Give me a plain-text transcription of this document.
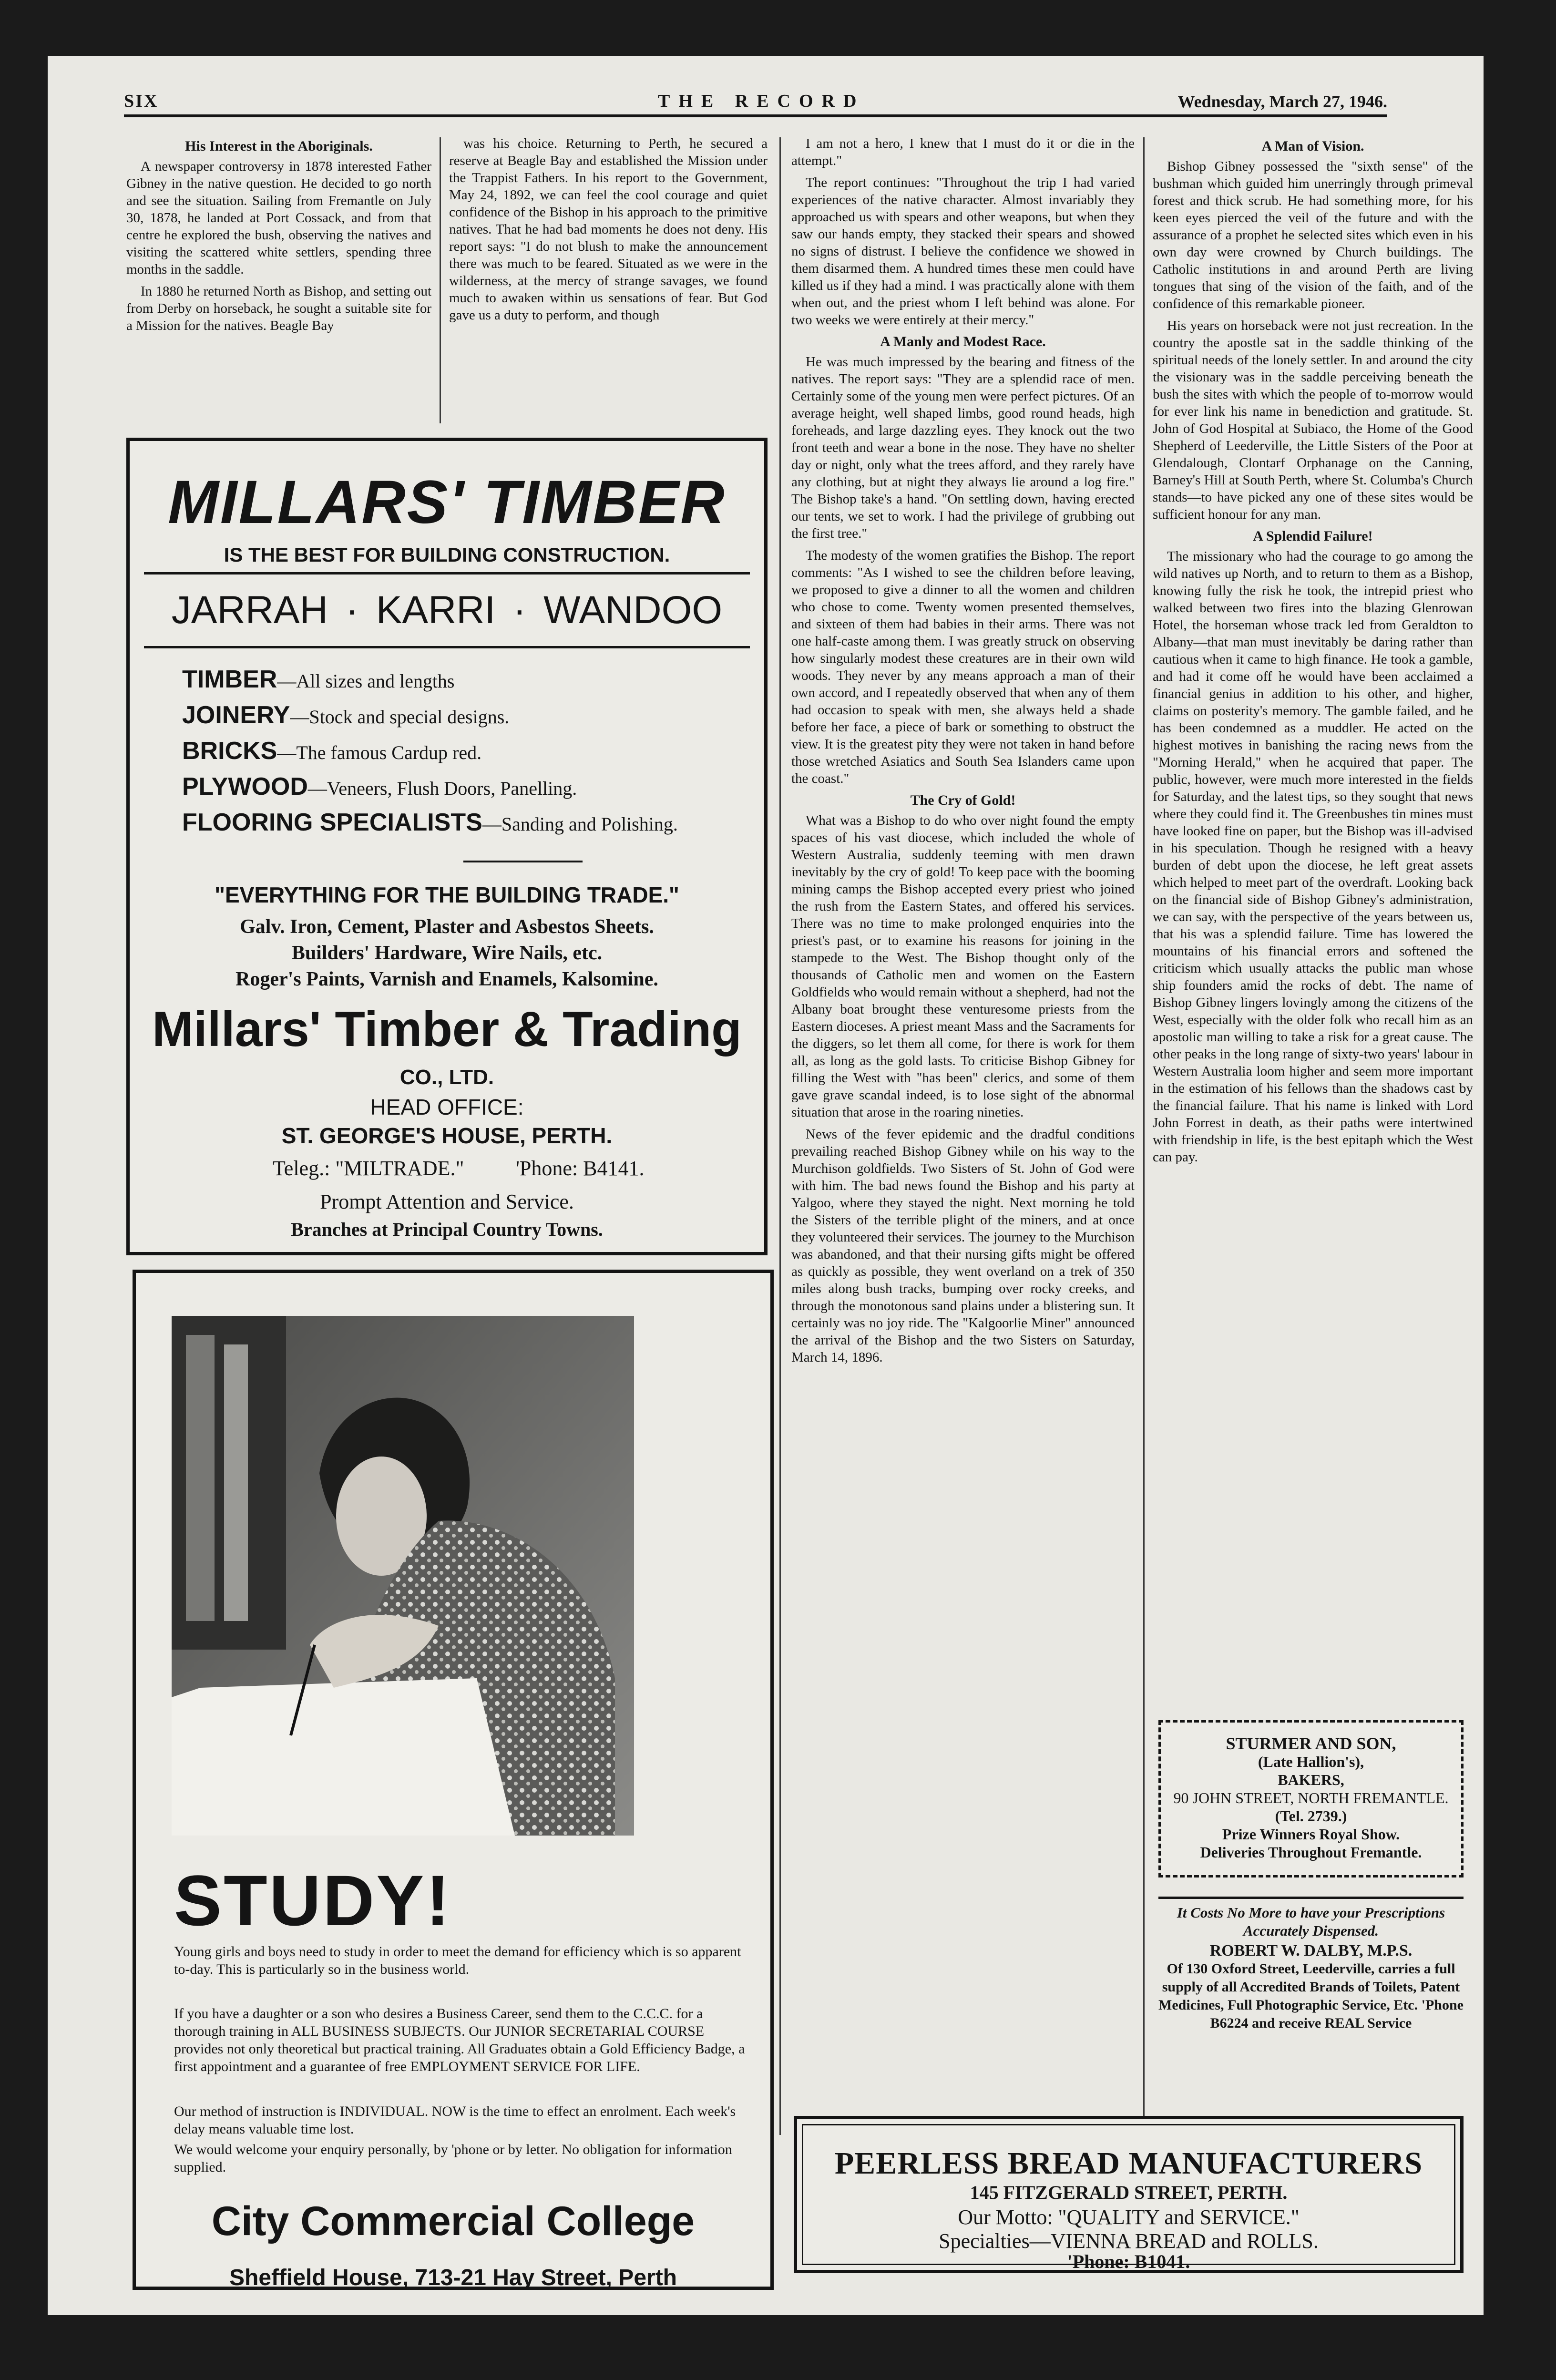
SIX	THE RECORD	Wednesday, March 27, 1946.
His Interest in the Aboriginals.

A newspaper controversy in 1878 interested Father Gibney in the native question. He decided to go north and see the situation. Sailing from Fremantle on July 30, 1878, he landed at Port Cossack, and from that centre he explored the bush, observing the natives and visiting the scattered white settlers, spending three months in the saddle.

In 1880 he returned North as Bishop, and setting out from Derby on horseback, he sought a suitable site for a Mission for the natives. Beagle Bay

was his choice. Returning to Perth, he secured a reserve at Beagle Bay and established the Mission under the Trappist Fathers. In his report to the Government, May 24, 1892, we can feel the cool courage and quiet confidence of the Bishop in his approach to the primitive natives. That he had bad moments he does not deny. His report says: "I do not blush to make the announcement there was much to be feared. Situated as we were in the wilderness, at the mercy of strange savages, we found much to awaken within us sensations of fear. But God gave us a duty to perform, and though

MILLARS' TIMBER
IS THE BEST FOR BUILDING CONSTRUCTION.
JARRAH · KARRI · WANDOO
TIMBER—All sizes and lengths
JOINERY—Stock and special designs.
BRICKS—The famous Cardup red.
PLYWOOD—Veneers, Flush Doors, Panelling.
FLOORING SPECIALISTS—Sanding and Polishing.
"EVERYTHING FOR THE BUILDING TRADE."
Galv. Iron, Cement, Plaster and Asbestos Sheets.
Builders' Hardware, Wire Nails, etc.
Roger's Paints, Varnish and Enamels, Kalsomine.
Millars' Timber & Trading
CO., LTD.
HEAD OFFICE:
ST. GEORGE'S HOUSE, PERTH.
Teleg.: "MILTRADE." 'Phone: B4141.
Prompt Attention and Service.
Branches at Principal Country Towns.
STUDY!
Young girls and boys need to study in order to meet the demand for efficiency which is so apparent to-day. This is particularly so in the business world.
If you have a daughter or a son who desires a Business Career, send them to the C.C.C. for a thorough training in ALL BUSINESS SUBJECTS. Our JUNIOR SECRETARIAL COURSE provides not only theoretical but practical training. All Graduates obtain a Gold Efficiency Badge, a first appointment and a guarantee of free EMPLOYMENT SERVICE FOR LIFE.
Our method of instruction is INDIVIDUAL. NOW is the time to effect an enrolment. Each week's delay means valuable time lost.
We would welcome your enquiry personally, by 'phone or by letter. No obligation for information supplied.
City Commercial College
Sheffield House, 713-21 Hay Street, Perth

I am not a hero, I knew that I must do it or die in the attempt."

The report continues: "Throughout the trip I had varied experiences of the native character. Almost invariably they approached us with spears and other weapons, but when they saw our hands empty, they stacked their spears and showed no signs of distrust. I believe the confidence we showed in them disarmed them. A hundred times these men could have killed us if they had a mind. I was practically alone with them when out, and the priest whom I left behind was alone. For two weeks we were entirely at their mercy."

A Manly and Modest Race.

He was much impressed by the bearing and fitness of the natives. The report says: "They are a splendid race of men. Certainly some of the young men were perfect pictures. Of an average height, well shaped limbs, good round heads, high foreheads, and large dazzling eyes. They knock out the two front teeth and wear a bone in the nose. They have no shelter day or night, only what the trees afford, and they rarely have any clothing, but at night they always lie around a log fire." The Bishop take's a hand. "On settling down, having erected our tents, we set to work. I had the privilege of grubbing out the first tree."

The modesty of the women gratifies the Bishop. The report comments: "As I wished to see the children before leaving, we proposed to give a dinner to all the women and children who chose to come. Twenty women presented themselves, and sixteen of them had babies in their arms. There was not one half-caste among them. I was greatly struck on observing how singularly modest these creatures are in their own wild woods. They never by any means approach a man of their own accord, and I repeatedly observed that when any of them had occasion to speak with men, she always held a shade before her face, a piece of bark or something to obstruct the view. It is the greatest pity they were not taken in hand before those wretched Asiatics and South Sea Islanders came upon the coast."

The Cry of Gold!

What was a Bishop to do who over night found the empty spaces of his vast diocese, which included the whole of Western Australia, suddenly teeming with men drawn inevitably by the cry of gold! To keep pace with the booming mining camps the Bishop accepted every priest who joined the rush from the Eastern States, and offered his services. There was no time to make prolonged enquiries into the priest's past, or to examine his reasons for joining in the stampede to the West. The Bishop thought only of the thousands of Catholic men and women on the Eastern Goldfields who would remain without a shepherd, had not the Albany boat brought these venturesome priests from the Eastern dioceses. A priest meant Mass and the Sacraments for the diggers, so let them all come, for there is work for them all, as long as the gold lasts. To criticise Bishop Gibney for filling the West with "has been" clerics, and some of them gave grave scandal indeed, is to lose sight of the abnormal situation that arose in the roaring nineties.

News of the fever epidemic and the dradful conditions prevailing reached Bishop Gibney while on his way to the Murchison goldfields. Two Sisters of St. John of God were with him. The bad news found the Bishop and his party at Yalgoo, where they stayed the night. Next morning he told the Sisters of the terrible plight of the miners, and at once they volunteered their services. The journey to the Murchison was abandoned, and that their nursing gifts might be offered as quickly as possible, they went overland on a trek of 350 miles along bush tracks, bumping over rocky creeks, and through the monotonous sand plains under a blistering sun. It certainly was no joy ride. The "Kalgoorlie Miner" announced the arrival of the Bishop and the two Sisters on Saturday, March 14, 1896.

A Man of Vision.

Bishop Gibney possessed the "sixth sense" of the bushman which guided him unerringly through primeval forest and thick scrub. He had something more, for his keen eyes pierced the veil of the future and with the assurance of a prophet he selected sites which even in his own day were crowned by Church buildings. The Catholic institutions in and around Perth are living tongues that sing of the vision of the faith, and of the confidence of this remarkable pioneer.

His years on horseback were not just recreation. In the country the apostle sat in the saddle thinking of the spiritual needs of the lonely settler. In and around the city the visionary was in the saddle perceiving beneath the bush the sites with which the people of to-morrow would for ever link his name in benediction and gratitude. St. John of God Hospital at Subiaco, the Home of the Good Shepherd of Leederville, the Little Sisters of the Poor at Glendalough, Clontarf Orphanage on the Canning, Barney's Hill at South Perth, where St. Columba's Church stands—to have picked any one of these sites would be sufficient honour for any man.

A Splendid Failure!

The missionary who had the courage to go among the wild natives up North, and to return to them as a Bishop, knowing fully the risk he took, the intrepid priest who walked between two fires into the blazing Glenrowan Hotel, the horseman whose track led from Geraldton to Albany—that man must inevitably be daring rather than cautious when it came to high finance. He took a gamble, and had it come off he would have been acclaimed a financial genius in addition to his other, and higher, claims on posterity's memory. The gamble failed, and he has been condemned as a muddler. He acted on the highest motives in banishing the racing news from the "Morning Herald," when he acquired that paper. The public, however, were much more interested in the fields for Saturday, and the latest tips, so they sought that news where they could find it. The Greenbushes tin mines must have looked fine on paper, but the Bishop was ill-advised in his speculation. Though he resigned with a heavy burden of debt upon the diocese, he left great assets which helped to meet part of the overdraft. Looking back on the financial side of Bishop Gibney's administration, we can say, with the perspective of the years between us, that his was a splendid failure. Time has lowered the mountains of his financial errors and softened the criticism which usually attacks the public man whose ship founders amid the rocks of debt. The name of Bishop Gibney lingers lovingly among the citizens of the West, especially with the older folk who recall him as an apostolic man willing to take a risk for a great cause. The other peaks in the long range of sixty-two years' labour in Western Australia loom higher and seem more important in the estimation of his fellows than the shadows cast by the financial failure. That his name is linked with Lord John Forrest in death, as their paths were intertwined with friendship in life, is the best epitaph which the West can pay.

STURMER AND SON,
(Late Hallion's),
BAKERS,
90 JOHN STREET, NORTH FREMANTLE.
(Tel. 2739.)
Prize Winners Royal Show.
Deliveries Throughout Fremantle.
It Costs No More to have your Prescriptions Accurately Dispensed.
ROBERT W. DALBY, M.P.S.
Of 130 Oxford Street, Leederville, carries a full supply of all Accredited Brands of Toilets, Patent Medicines, Full Photographic Service, Etc. 'Phone B6224 and receive REAL Service
PEERLESS BREAD MANUFACTURERS
145 FITZGERALD STREET, PERTH.
Our Motto: "QUALITY and SERVICE."
Specialties—VIENNA BREAD and ROLLS.
'Phone: B1041.
